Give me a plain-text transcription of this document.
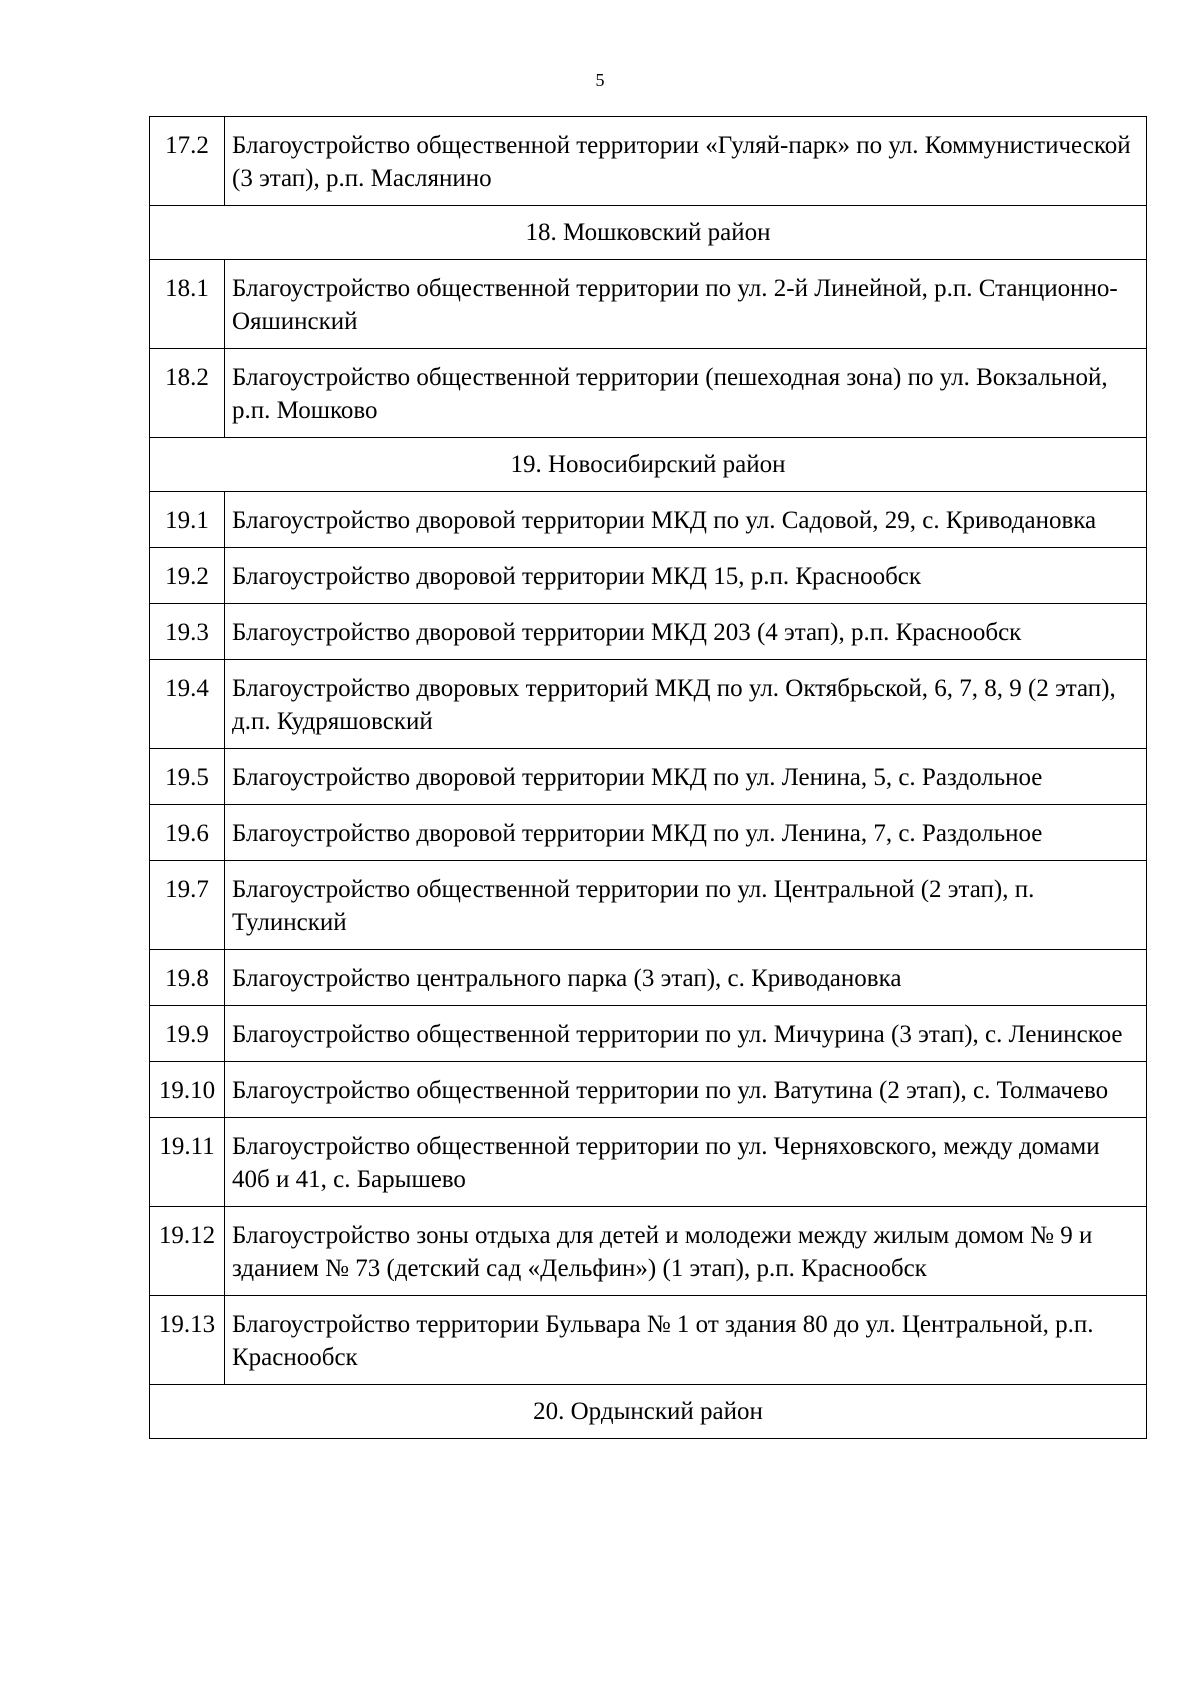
5
17.2	Благоустройство общественной территории «Гуляй-парк» по ул. Коммунистической (3 этап), р.п. Маслянино
18. Мошковский район	
18.1	Благоустройство общественной территории по ул. 2-й Линейной, р.п. Станционно-Ояшинский
18.2	Благоустройство общественной территории (пешеходная зона) по ул. Вокзальной, р.п. Мошково
19. Новосибирский район	
19.1	Благоустройство дворовой территории МКД по ул. Садовой, 29, с. Криводановка
19.2	Благоустройство дворовой территории МКД 15, р.п. Краснообск
19.3	Благоустройство дворовой территории МКД 203 (4 этап), р.п. Краснообск
19.4	Благоустройство дворовых территорий МКД по ул. Октябрьской, 6, 7, 8, 9 (2 этап), д.п. Кудряшовский
19.5	Благоустройство дворовой территории МКД по ул. Ленина, 5, с. Раздольное
19.6	Благоустройство дворовой территории МКД по ул. Ленина, 7, с. Раздольное
19.7	Благоустройство общественной территории по ул. Центральной (2 этап), п. Тулинский
19.8	Благоустройство центрального парка (3 этап), с. Криводановка
19.9	Благоустройство общественной территории по ул. Мичурина (3 этап), с. Ленинское
19.10	Благоустройство общественной территории по ул. Ватутина (2 этап), с. Толмачево
19.11	Благоустройство общественной территории по ул. Черняховского, между домами 40б и 41, с. Барышево
19.12	Благоустройство зоны отдыха для детей и молодежи между жилым домом № 9 и зданием № 73 (детский сад «Дельфин») (1 этап), р.п. Краснообск
19.13	Благоустройство территории Бульвара № 1 от здания 80 до ул. Центральной, р.п. Краснообск
20. Ордынский район	
